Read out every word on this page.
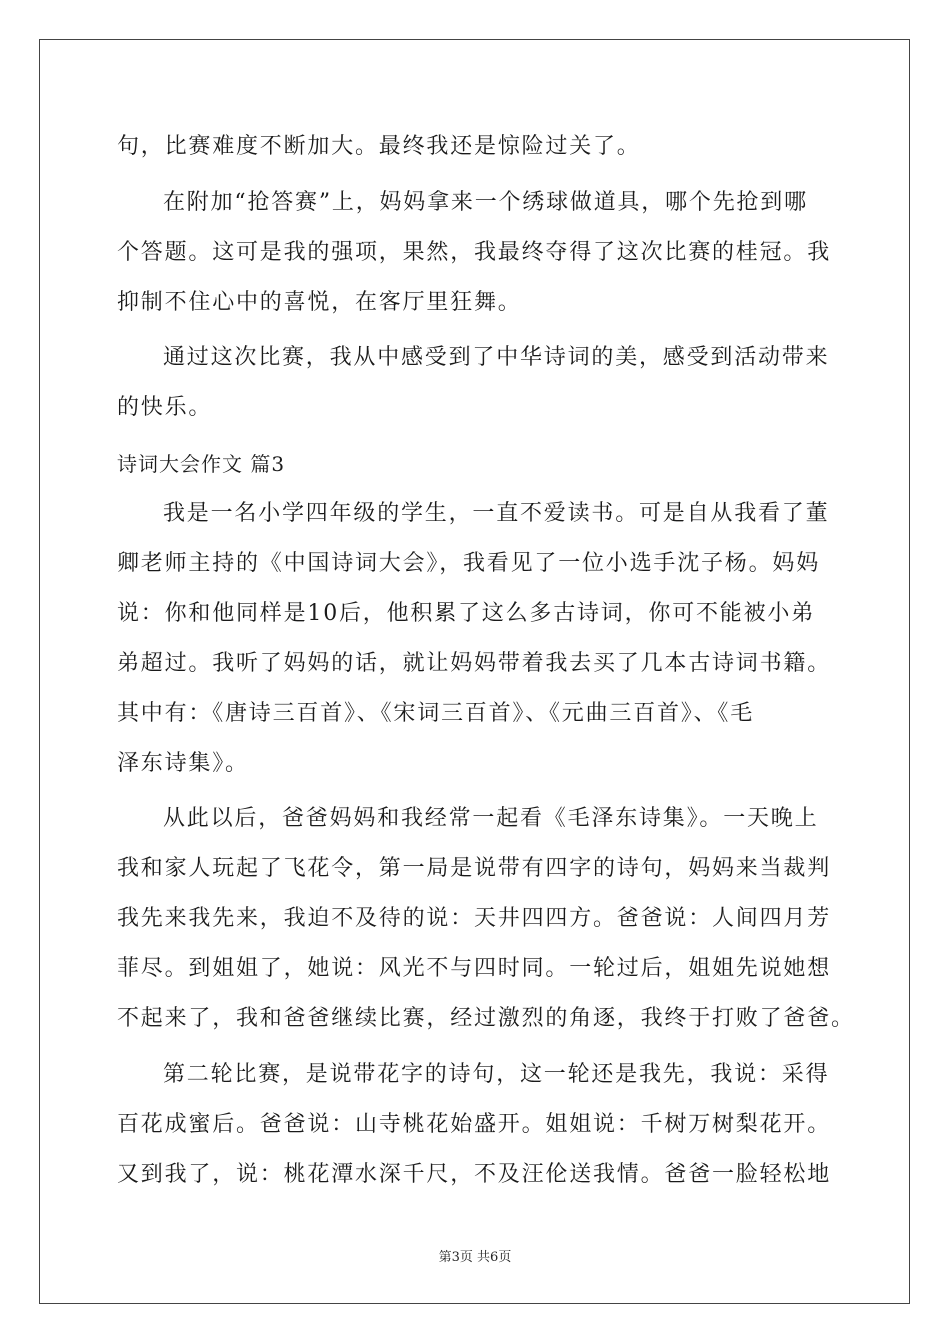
句，比赛难度不断加大。最终我还是惊险过关了。
在附加“抢答赛”上，妈妈拿来一个绣球做道具，哪个先抢到哪
个答题。这可是我的强项，果然，我最终夺得了这次比赛的桂冠。我
抑制不住心中的喜悦，在客厅里狂舞。
通过这次比赛，我从中感受到了中华诗词的美，感受到活动带来
的快乐。
诗词大会作文 篇3
我是一名小学四年级的学生，一直不爱读书。可是自从我看了董
卿老师主持的《中国诗词大会》，我看见了一位小选手沈子杨。妈妈
说：你和他同样是10后，他积累了这么多古诗词，你可不能被小弟
弟超过。我听了妈妈的话，就让妈妈带着我去买了几本古诗词书籍。
其中有：《唐诗三百首》、《宋词三百首》、《元曲三百首》、《毛
泽东诗集》。
从此以后，爸爸妈妈和我经常一起看《毛泽东诗集》。一天晚上
我和家人玩起了飞花令，第一局是说带有四字的诗句，妈妈来当裁判
我先来我先来，我迫不及待的说：天井四四方。爸爸说：人间四月芳
菲尽。到姐姐了，她说：风光不与四时同。一轮过后，姐姐先说她想
不起来了，我和爸爸继续比赛，经过激烈的角逐，我终于打败了爸爸。
第二轮比赛，是说带花字的诗句，这一轮还是我先，我说：采得
百花成蜜后。爸爸说：山寺桃花始盛开。姐姐说：千树万树梨花开。
又到我了，说：桃花潭水深千尺，不及汪伦送我情。爸爸一脸轻松地
第3页 共6页
